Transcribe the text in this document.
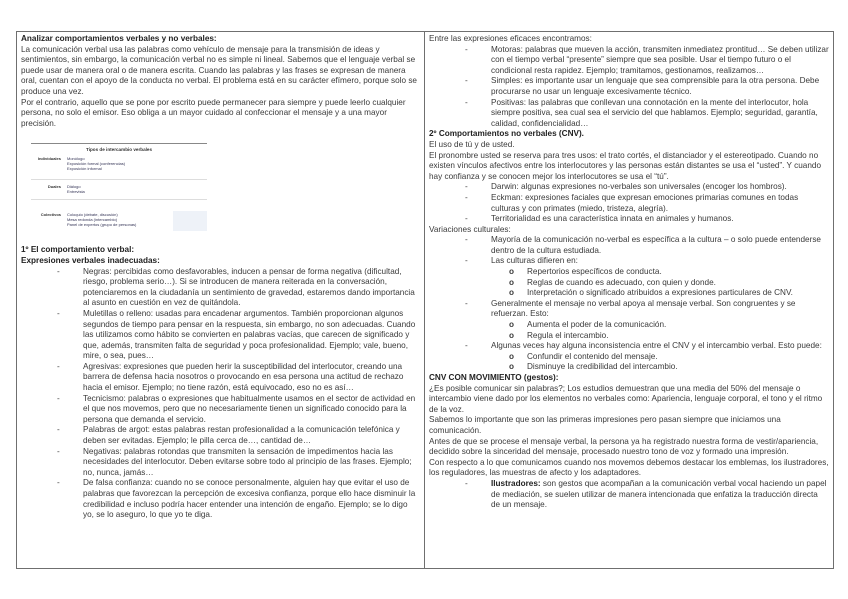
Analizar comportamientos verbales y no verbales:
La comunicación verbal usa las palabras como vehículo de mensaje para la transmisión de ideas y sentimientos, sin embargo, la comunicación verbal no es simple ni lineal. Sabemos que el lenguaje verbal se puede usar de manera oral o de manera escrita. Cuando las palabras y las frases se expresan de manera oral, cuentan con el apoyo de la conducta no verbal. El problema está en su carácter efímero, porque solo se produce una vez.
Por el contrario, aquello que se pone por escrito puede permanecer para siempre y puede leerlo cualquier persona, no solo el emisor. Eso obliga a un mayor cuidado al confeccionar el mensaje y a una mayor precisión.
Tipos de intercambio verbales
Individuales Monólogo
Exposición formal (conferencias)
Exposición informal
Duales Diálogo
Entrevista
Colectivos Coloquio (debate, discusión)
Mesa redonda (intercambio)
Panel de expertos (grupo de personas)
1º El comportamiento verbal:
Expresiones verbales inadecuadas:
- Negras: percibidas como desfavorables, inducen a pensar de forma negativa (dificultad, riesgo, problema serio…). Si se introducen de manera reiterada en la conversación, potenciaremos en la ciudadanía un sentimiento de gravedad, estaremos dando importancia al asunto en cuestión en vez de quitándola.
- Muletillas o relleno: usadas para encadenar argumentos. También proporcionan algunos segundos de tiempo para pensar en la respuesta, sin embargo, no son adecuadas. Cuando las utilizamos como hábito se convierten en palabras vacías, que carecen de significado y que, además, transmiten falta de seguridad y poca profesionalidad. Ejemplo; vale, bueno, mire, o sea, pues…
- Agresivas: expresiones que pueden herir la susceptibilidad del interlocutor, creando una barrera de defensa hacia nosotros o provocando en esa persona una actitud de rechazo hacia el emisor. Ejemplo; no tiene razón, está equivocado, eso no es así…
- Tecnicismo: palabras o expresiones que habitualmente usamos en el sector de actividad en el que nos movemos, pero que no necesariamente tienen un significado conocido para la persona que demanda el servicio.
- Palabras de argot: estas palabras restan profesionalidad a la comunicación telefónica y deben ser evitadas. Ejemplo; le pilla cerca de…, cantidad de…
- Negativas: palabras rotondas que transmiten la sensación de impedimentos hacia las necesidades del interlocutor. Deben evitarse sobre todo al principio de las frases. Ejemplo; no, nunca, jamás…
- De falsa confianza: cuando no se conoce personalmente, alguien hay que evitar el uso de palabras que favorezcan la percepción de excesiva confianza, porque ello hace disminuir la credibilidad e incluso podría hacer entender una intención de engaño. Ejemplo; se lo digo yo, se lo aseguro, lo que yo te diga.
Entre las expresiones eficaces encontramos:
- Motoras: palabras que mueven la acción, transmiten inmediatez prontitud… Se deben utilizar con el tiempo verbal “presente” siempre que sea posible. Usar el tiempo futuro o el condicional resta rapidez. Ejemplo; tramitamos, gestionamos, realizamos…
- Simples: es importante usar un lenguaje que sea comprensible para la otra persona. Debe procurarse no usar un lenguaje excesivamente técnico.
- Positivas: las palabras que conllevan una connotación en la mente del interlocutor, hola siempre positiva, sea cual sea el servicio del que hablamos. Ejemplo; seguridad, garantía, calidad, confidencialidad…
2º Comportamientos no verbales (CNV).
El uso de tú y de usted.
El pronombre usted se reserva para tres usos: el trato cortés, el distanciador y el estereotipado. Cuando no existen vínculos afectivos entre los interlocutores y las personas están distantes se usa el “usted”. Y cuando hay confianza y se conocen mejor los interlocutores se usa el “tú”.
- Darwin: algunas expresiones no-verbales son universales (encoger los hombros).
- Eckman: expresiones faciales que expresan emociones primarias comunes en todas culturas y con primates (miedo, tristeza, alegría).
- Territorialidad es una característica innata en animales y humanos.
Variaciones culturales:
- Mayoría de la comunicación no-verbal es específica a la cultura – o solo puede entenderse dentro de la cultura estudiada.
- Las culturas difieren en:
o Repertorios específicos de conducta.
o Reglas de cuando es adecuado, con quien y donde.
o Interpretación o significado atribuidos a expresiones particulares de CNV.
- Generalmente el mensaje no verbal apoya al mensaje verbal. Son congruentes y se refuerzan. Esto:
o Aumenta el poder de la comunicación.
o Regula el intercambio.
- Algunas veces hay alguna inconsistencia entre el CNV y el intercambio verbal. Esto puede:
o Confundir el contenido del mensaje.
o Disminuye la credibilidad del intercambio.
CNV CON MOVIMIENTO (gestos):
¿Es posible comunicar sin palabras?; Los estudios demuestran que una media del 50% del mensaje o intercambio viene dado por los elementos no verbales como: Apariencia, lenguaje corporal, el tono y el ritmo de la voz.
Sabemos lo importante que son las primeras impresiones pero pasan siempre que iniciamos una comunicación.
Antes de que se procese el mensaje verbal, la persona ya ha registrado nuestra forma de vestir/apariencia, decidido sobre la sinceridad del mensaje, procesado nuestro tono de voz y formado una impresión.
Con respecto a lo que comunicamos cuando nos movemos debemos destacar los emblemas, los ilustradores, los reguladores, las muestras de afecto y los adaptadores.
- Ilustradores: son gestos que acompañan a la comunicación verbal vocal haciendo un papel de mediación, se suelen utilizar de manera intencionada que enfatiza la traducción directa de un mensaje.
